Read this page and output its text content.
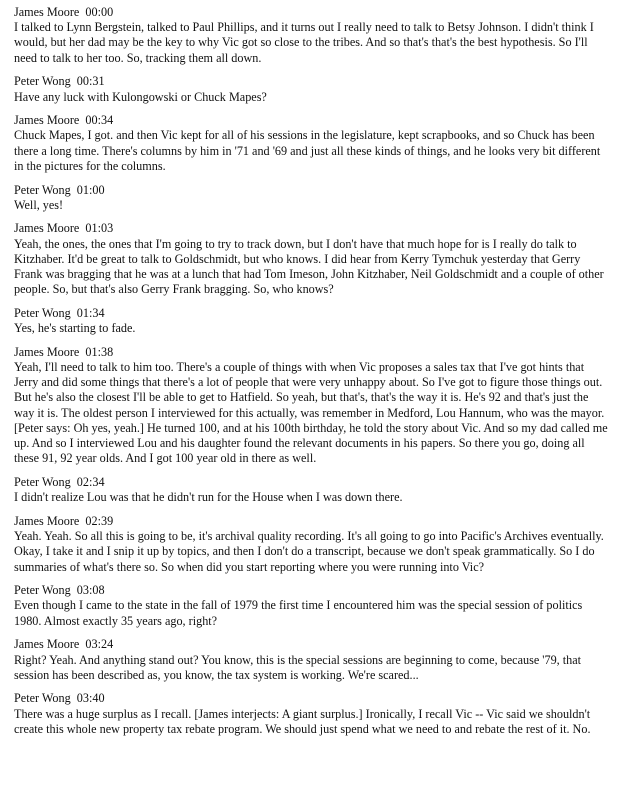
James Moore 00:00

I talked to Lynn Bergstein, talked to Paul Phillips, and it turns out I really need to talk to Betsy Johnson. I didn't think I would, but her dad may be the key to why Vic got so close to the tribes. And so that's that's the best hypothesis. So I'll need to talk to her too. So, tracking them all down.

Peter Wong 00:31

Have any luck with Kulongowski or Chuck Mapes?

James Moore 00:34

Chuck Mapes, I got. and then Vic kept for all of his sessions in the legislature, kept scrapbooks, and so Chuck has been there a long time. There's columns by him in '71 and '69 and just all these kinds of things, and he looks very bit different in the pictures for the columns.

Peter Wong 01:00

Well, yes!

James Moore 01:03

Yeah, the ones, the ones that I'm going to try to track down, but I don't have that much hope for is I really do talk to Kitzhaber. It'd be great to talk to Goldschmidt, but who knows. I did hear from Kerry Tymchuk yesterday that Gerry Frank was bragging that he was at a lunch that had Tom Imeson, John Kitzhaber, Neil Goldschmidt and a couple of other people. So, but that's also Gerry Frank bragging. So, who knows?

Peter Wong 01:34

Yes, he's starting to fade.

James Moore 01:38

Yeah, I'll need to talk to him too. There's a couple of things with when Vic proposes a sales tax that I've got hints that Jerry and did some things that there's a lot of people that were very unhappy about. So I've got to figure those things out. But he's also the closest I'll be able to get to Hatfield. So yeah, but that's, that's the way it is. He's 92 and that's just the way it is. The oldest person I interviewed for this actually, was remember in Medford, Lou Hannum, who was the mayor. [Peter says: Oh yes, yeah.] He turned 100, and at his 100th birthday, he told the story about Vic. And so my dad called me up. And so I interviewed Lou and his daughter found the relevant documents in his papers. So there you go, doing all these 91, 92 year olds. And I got 100 year old in there as well.

Peter Wong 02:34

I didn't realize Lou was that he didn't run for the House when I was down there.

James Moore 02:39

Yeah. Yeah. So all this is going to be, it's archival quality recording. It's all going to go into Pacific's Archives eventually. Okay, I take it and I snip it up by topics, and then I don't do a transcript, because we don't speak grammatically. So I do summaries of what's there so. So when did you start reporting where you were running into Vic?

Peter Wong 03:08

Even though I came to the state in the fall of 1979 the first time I encountered him was the special session of politics 1980. Almost exactly 35 years ago, right?

James Moore 03:24

Right? Yeah. And anything stand out? You know, this is the special sessions are beginning to come, because '79, that session has been described as, you know, the tax system is working. We're scared...

Peter Wong 03:40

There was a huge surplus as I recall. [James interjects: A giant surplus.] Ironically, I recall Vic -- Vic said we shouldn't create this whole new property tax rebate program. We should just spend what we need to and rebate the rest of it. No.
